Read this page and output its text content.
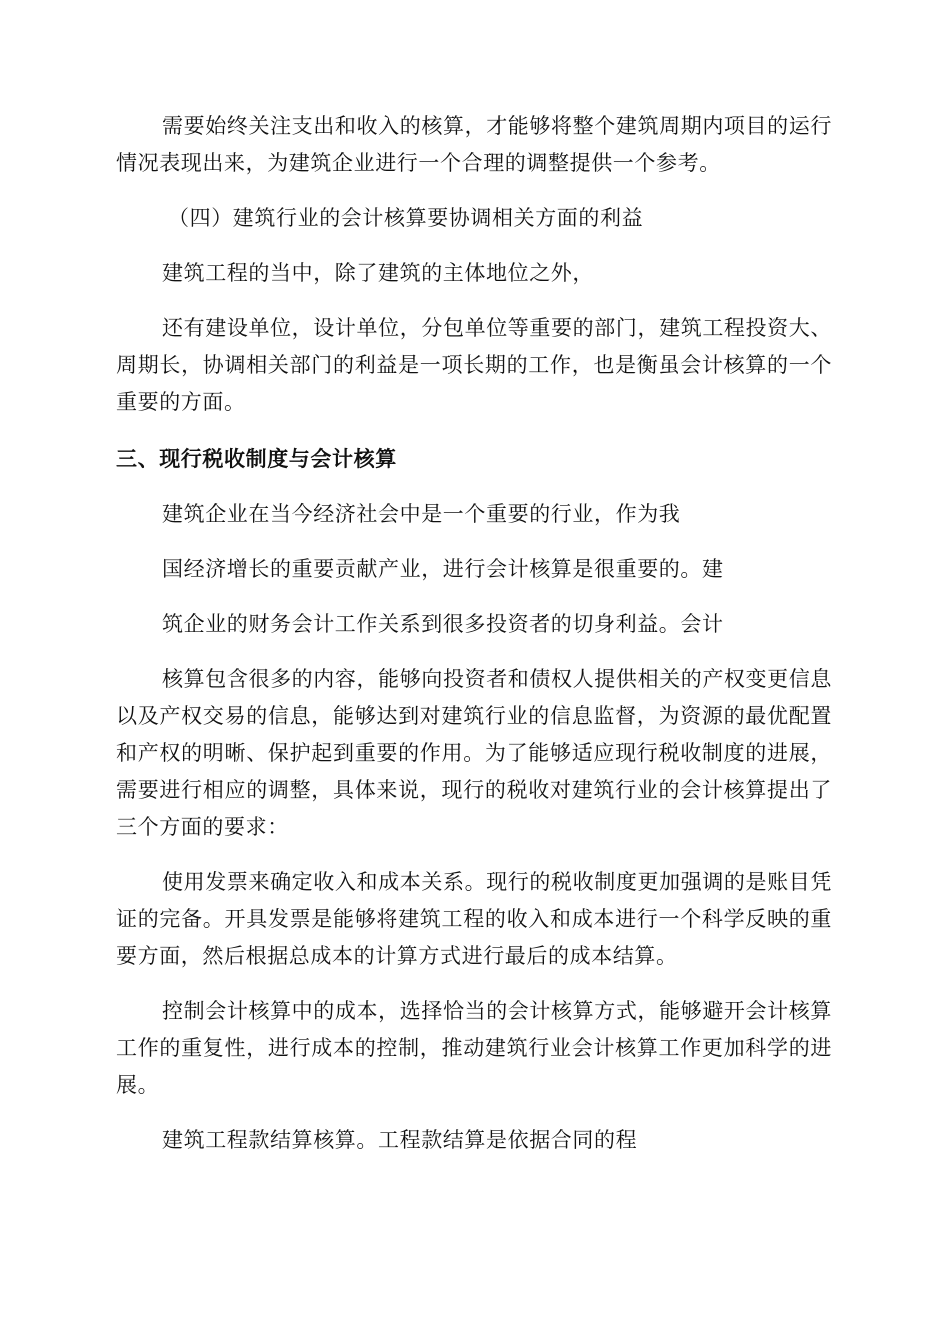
需要始终关注支出和收入的核算，才能够将整个建筑周期内项目的运行情况表现出来，为建筑企业进行一个合理的调整提供一个参考。

（四）建筑行业的会计核算要协调相关方面的利益

建筑工程的当中，除了建筑的主体地位之外，

还有建设单位，设计单位，分包单位等重要的部门，建筑工程投资大、周期长，协调相关部门的利益是一项长期的工作，也是衡虽会计核算的一个重要的方面。

三、现行税收制度与会计核算

建筑企业在当今经济社会中是一个重要的行业，作为我

国经济增长的重要贡献产业，进行会计核算是很重要的。建

筑企业的财务会计工作关系到很多投资者的切身利益。会计

核算包含很多的内容，能够向投资者和债权人提供相关的产权变更信息以及产权交易的信息，能够达到对建筑行业的信息监督，为资源的最优配置和产权的明晰、保护起到重要的作用。为了能够适应现行税收制度的进展，需要进行相应的调整，具体来说，现行的税收对建筑行业的会计核算提出了三个方面的要求：

使用发票来确定收入和成本关系。现行的税收制度更加强调的是账目凭证的完备。开具发票是能够将建筑工程的收入和成本进行一个科学反映的重要方面，然后根据总成本的计算方式进行最后的成本结算。

控制会计核算中的成本，选择恰当的会计核算方式，能够避开会计核算工作的重复性，进行成本的控制，推动建筑行业会计核算工作更加科学的进展。

建筑工程款结算核算。工程款结算是依据合同的程
